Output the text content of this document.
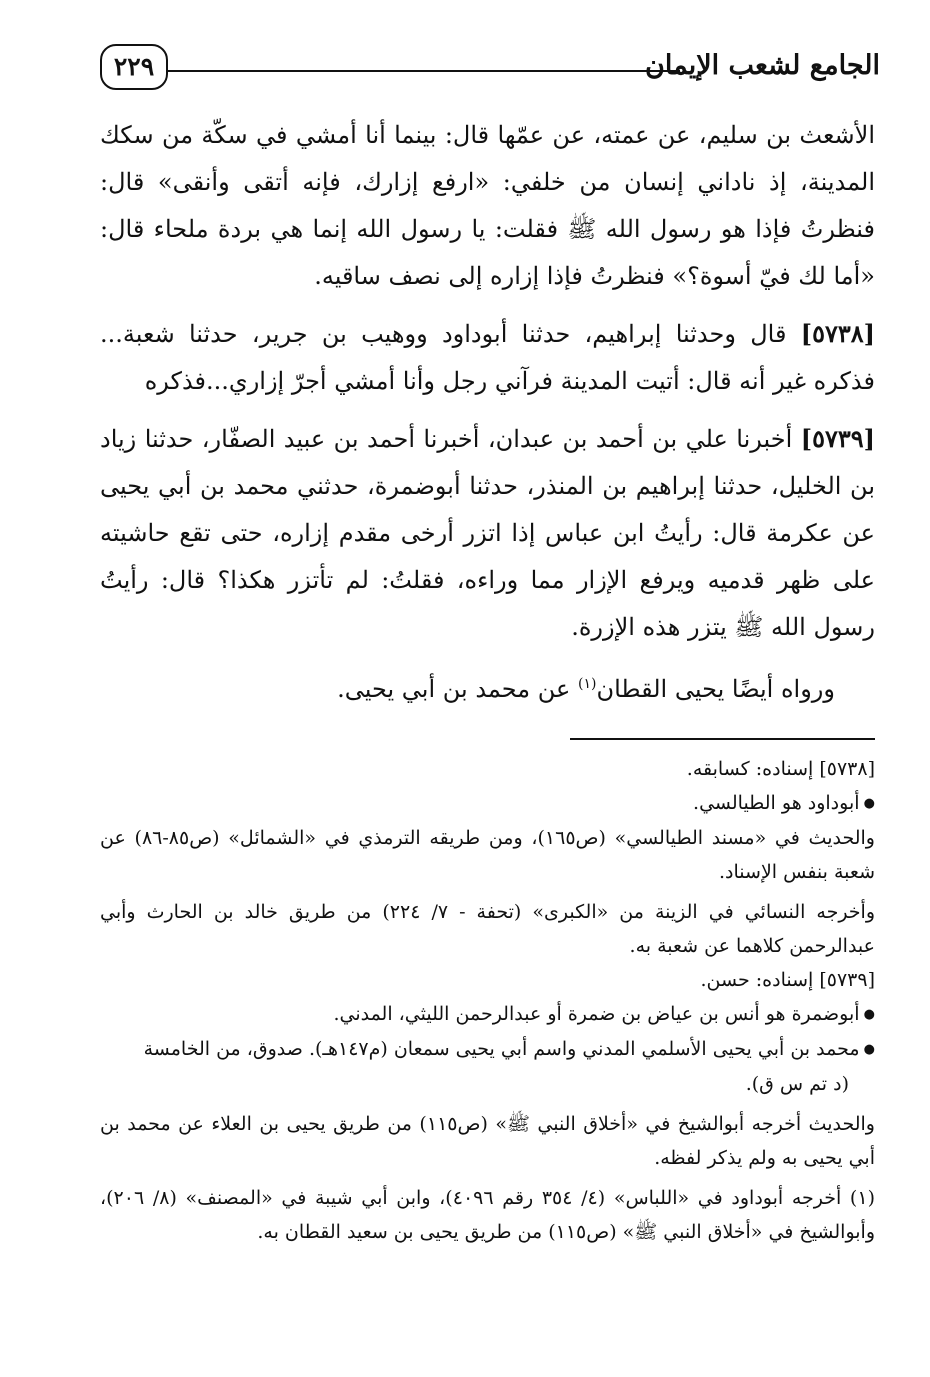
٢٢٩	الجامع لشعب الإيمان

الأشعث بن سليم، عن عمته، عن عمّها قال: بينما أنا أمشي في سكّة من سكك المدينة، إذ ناداني إنسان من خلفي: «ارفع إزارك، فإنه أتقى وأنقى» قال: فنظرتُ فإذا هو رسول الله ﷺ فقلت: يا رسول الله إنما هي بردة ملحاء قال: «أما لك فيّ أسوة؟» فنظرتُ فإذا إزاره إلى نصف ساقيه.

[٥٧٣٨] قال وحدثنا إبراهيم، حدثنا أبوداود ووهيب بن جرير، حدثنا شعبة... فذكره غير أنه قال: أتيت المدينة فرآني رجل وأنا أمشي أجرّ إزاري...فذكره

[٥٧٣٩] أخبرنا علي بن أحمد بن عبدان، أخبرنا أحمد بن عبيد الصفّار، حدثنا زياد بن الخليل، حدثنا إبراهيم بن المنذر، حدثنا أبوضمرة، حدثني محمد بن أبي يحيى عن عكرمة قال: رأيتُ ابن عباس إذا اتزر أرخى مقدم إزاره، حتى تقع حاشيته على ظهر قدميه ويرفع الإزار مما وراءه، فقلتُ: لم تأتزر هكذا؟ قال: رأيتُ رسول الله ﷺ يتزر هذه الإزرة.

ورواه أيضًا يحيى القطان$^{(١)}$ عن محمد بن أبي يحيى.

[٥٧٣٨] إسناده: كسابقه.

● أبوداود هو الطيالسي.

والحديث في «مسند الطيالسي» (ص١٦٥)، ومن طريقه الترمذي في «الشمائل» (ص٨٥-٨٦) عن شعبة بنفس الإسناد.

وأخرجه النسائي في الزينة من «الكبرى» (تحفة - ٧/ ٢٢٤) من طريق خالد بن الحارث وأبي عبدالرحمن كلاهما عن شعبة به.

[٥٧٣٩] إسناده: حسن.

● أبوضمرة هو أنس بن عياض بن ضمرة أو عبدالرحمن الليثي، المدني.

● محمد بن أبي يحيى الأسلمي المدني واسم أبي يحيى سمعان (م١٤٧هـ). صدوق، من الخامسة

(د تم س ق).

والحديث أخرجه أبوالشيخ في «أخلاق النبي ﷺ» (ص١١٥) من طريق يحيى بن العلاء عن محمد بن أبي يحيى به ولم يذكر لفظه.

(١) أخرجه أبوداود في «اللباس» (٤/ ٣٥٤ رقم ٤٠٩٦)، وابن أبي شيبة في «المصنف» (٨/ ٢٠٦)، وأبوالشيخ في «أخلاق النبي ﷺ» (ص١١٥) من طريق يحيى بن سعيد القطان به.
